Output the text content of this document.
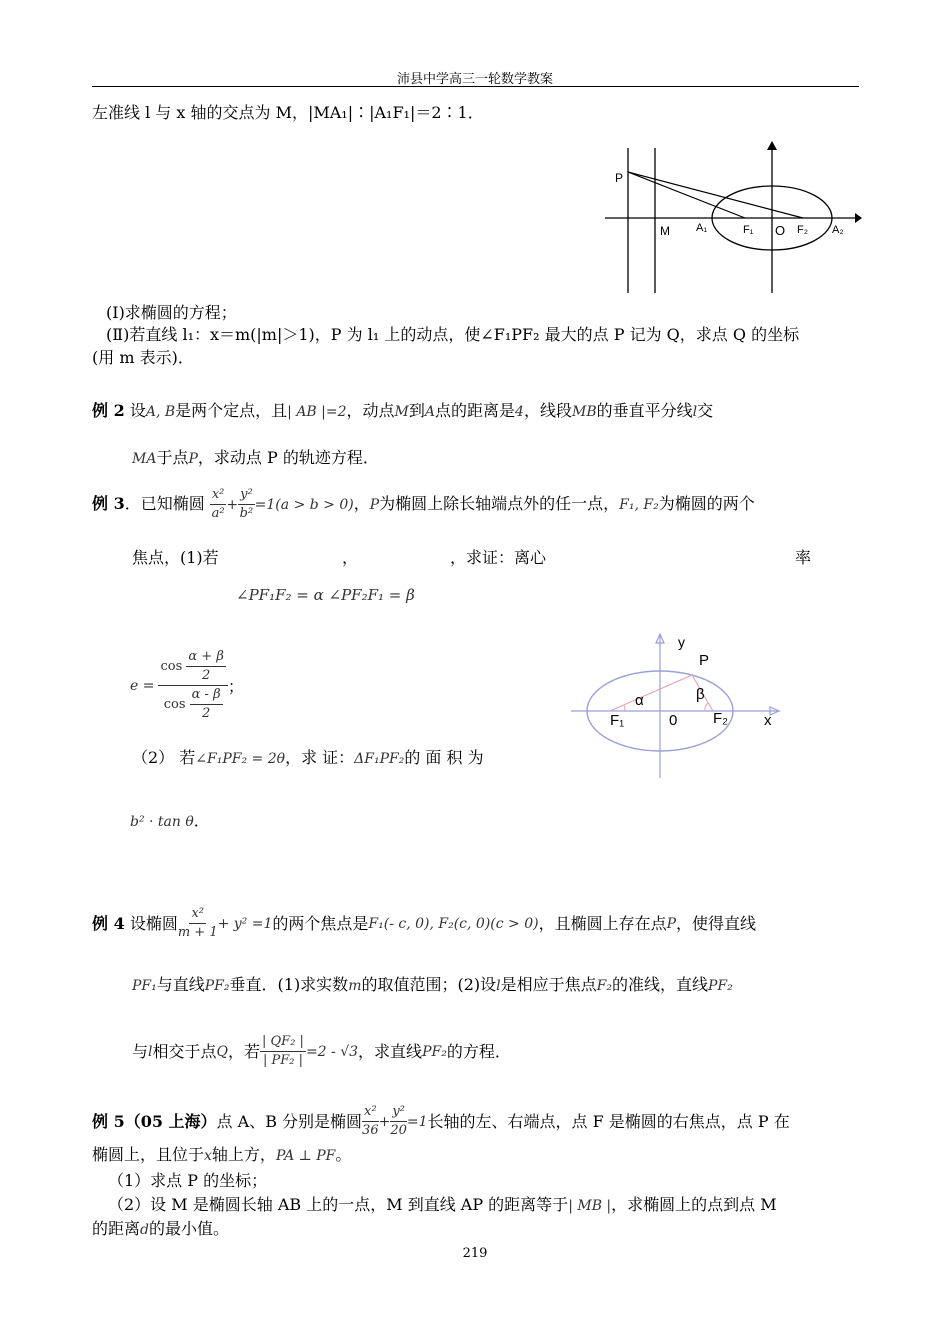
沛县中学高三一轮数学教案
左准线 l 与 x 轴的交点为 M，|MA₁|∶|A₁F₁|＝2∶1．
P
M A₁	F₁ O F₂ A₂
(Ⅰ)求椭圆的方程；
(Ⅱ)若直线 l₁：x＝m(|m|＞1)，P 为 l₁ 上的动点，使∠F₁PF₂ 最大的点 P 记为 Q，求点 Q 的坐标
(用 m 表示)．
例 2 设A, B是两个定点，且| AB |=2，动点M到A点的距离是4，线段MB的垂直平分线l交
MA于点P，求动点 P 的轨迹方程．
例 3．已知椭圆 $\frac{\text{x²}}{\text{a²}} + \frac{\text{y²}}{\text{b²}} =1(a > b > 0)$，P为椭圆上除长轴端点外的任一点，F₁, F₂为椭圆的两个
焦点，(1)若	，	，求证：离心	率
∠PF₁F₂ = α ∠PF₂F₁ = β
e = cos
$\frac{\alpha + \beta}{2}$
cos
$\frac{\alpha - \beta}{2}$ ；
（2） 若∠F₁PF₂ = 2θ，求 证：ΔF₁PF₂的 面 积 为
b² · tan θ．
y
P
α	β
F₁	0 F₂ x
例 4
设椭圆 $\frac{\text{x²}}{m + 1} + y^2 =1$ 的两个焦点是 F₁(- c, 0), F₂(c, 0)(c > 0) ，且椭圆上存在点 P ，使得直线
PF₁与直线PF₂垂直．(1)求实数m的取值范围；(2)设l是相应于焦点F₂的准线，直线PF₂
与 l 相交于点 Q ，若 $\frac{\text{| QF₂ |}}{\text{| PF₂ |}} =2 - √3$ ，求直线 PF₂ 的方程．
例 5（05 上海） 点 A、B 分别是椭圆 $\frac{\text{x²}}{36} + \frac{\text{y²}}{20} =1$ 长轴的左、右端点，点 F 是椭圆的右焦点，点 P 在
椭圆上，且位于x轴上方，PA ⊥ PF。
（1）求点 P 的坐标；
（2）设 M 是椭圆长轴 AB 上的一点，M 到直线 AP 的距离等于| MB |，求椭圆上的点到点 M
的距离d的最小值。
219
